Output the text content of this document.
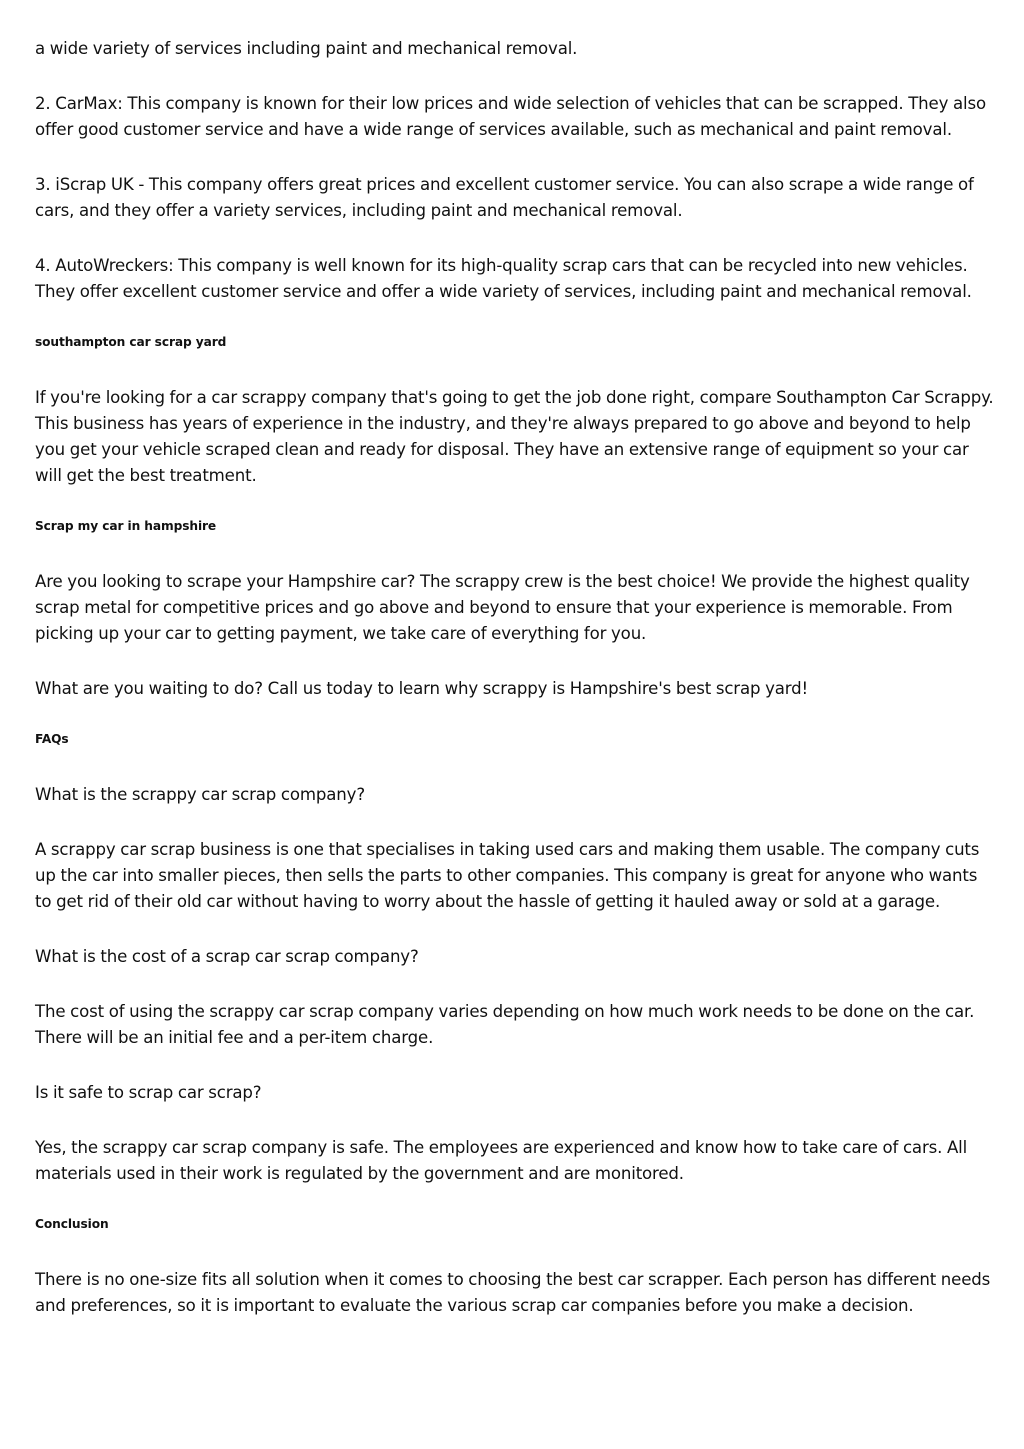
a wide variety of services including paint and mechanical removal.

2. CarMax: This company is known for their low prices and wide selection of vehicles that can be scrapped. They also offer good customer service and have a wide range of services available, such as mechanical and paint removal.

3. iScrap UK - This company offers great prices and excellent customer service. You can also scrape a wide range of cars, and they offer a variety services, including paint and mechanical removal.

4. AutoWreckers: This company is well known for its high-quality scrap cars that can be recycled into new vehicles. They offer excellent customer service and offer a wide variety of services, including paint and mechanical removal.

southampton car scrap yard

If you're looking for a car scrappy company that's going to get the job done right, compare Southampton Car Scrappy. This business has years of experience in the industry, and they're always prepared to go above and beyond to help you get your vehicle scraped clean and ready for disposal. They have an extensive range of equipment so your car will get the best treatment.

Scrap my car in hampshire

Are you looking to scrape your Hampshire car? The scrappy crew is the best choice! We provide the highest quality scrap metal for competitive prices and go above and beyond to ensure that your experience is memorable. From picking up your car to getting payment, we take care of everything for you.

What are you waiting to do? Call us today to learn why scrappy is Hampshire's best scrap yard!

FAQs

What is the scrappy car scrap company?

A scrappy car scrap business is one that specialises in taking used cars and making them usable. The company cuts up the car into smaller pieces, then sells the parts to other companies. This company is great for anyone who wants to get rid of their old car without having to worry about the hassle of getting it hauled away or sold at a garage.

What is the cost of a scrap car scrap company?

The cost of using the scrappy car scrap company varies depending on how much work needs to be done on the car. There will be an initial fee and a per-item charge.

Is it safe to scrap car scrap?

Yes, the scrappy car scrap company is safe. The employees are experienced and know how to take care of cars. All materials used in their work is regulated by the government and are monitored.

Conclusion

There is no one-size fits all solution when it comes to choosing the best car scrapper. Each person has different needs and preferences, so it is important to evaluate the various scrap car companies before you make a decision.
